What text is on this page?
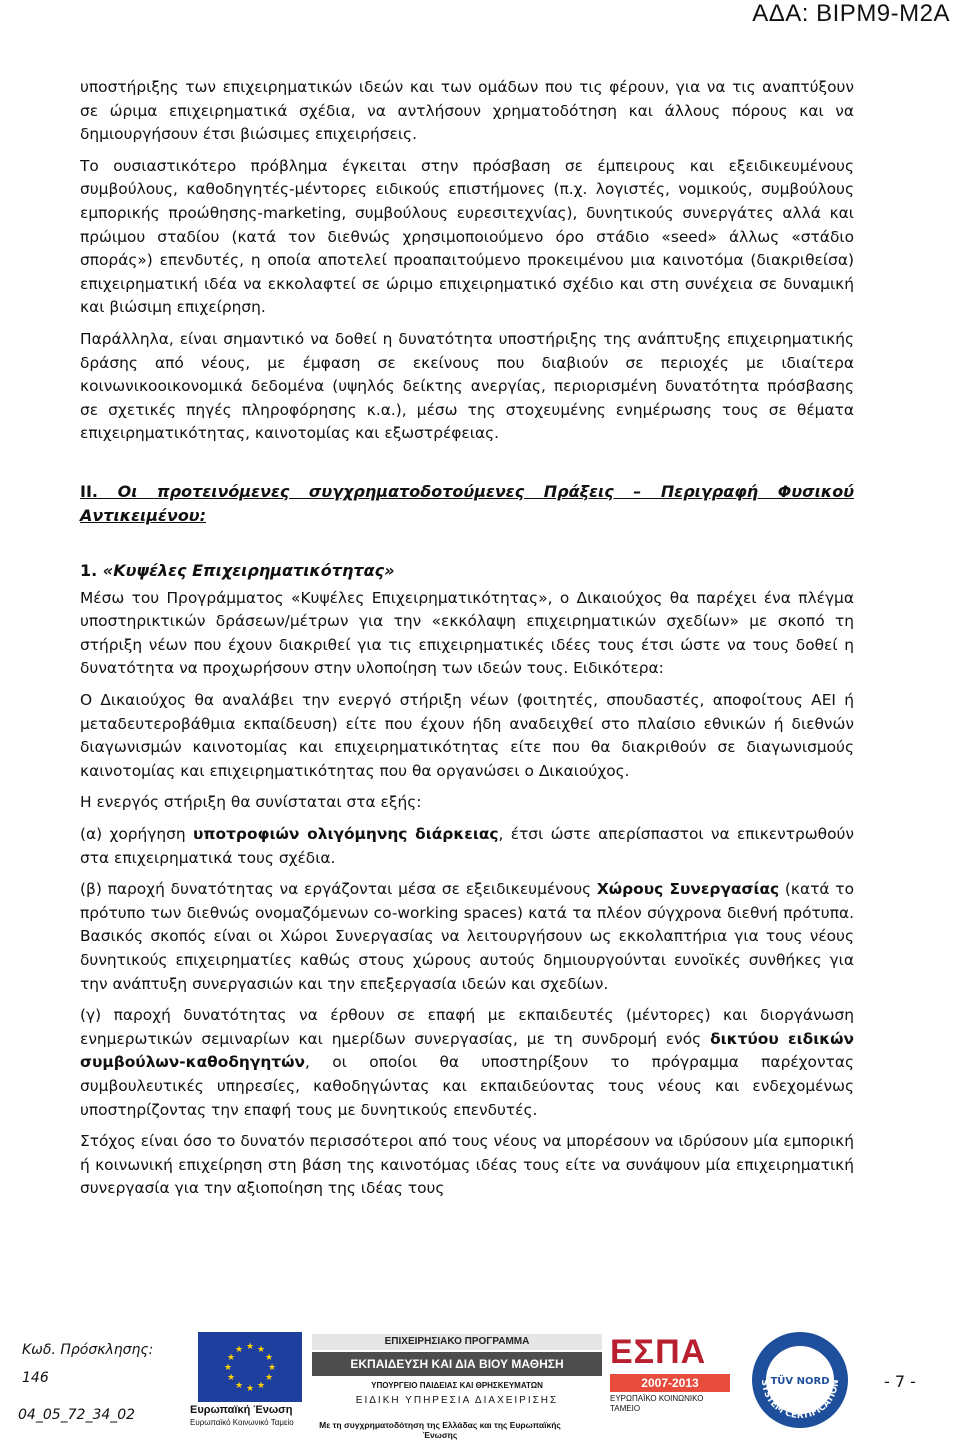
ΑΔΑ: ΒΙΡΜ9-Μ2Α

υποστήριξης των επιχειρηματικών ιδεών και των ομάδων που τις φέρουν, για να τις αναπτύξουν σε ώριμα επιχειρηματικά σχέδια, να αντλήσουν χρηματοδότηση και άλλους πόρους και να δημιουργήσουν έτσι βιώσιμες επιχειρήσεις.

Το ουσιαστικότερο πρόβλημα έγκειται στην πρόσβαση σε έμπειρους και εξειδικευμένους συμβούλους, καθοδηγητές-μέντορες ειδικούς επιστήμονες (π.χ. λογιστές, νομικούς, συμβούλους εμπορικής προώθησης-marketing, συμβούλους ευρεσιτεχνίας), δυνητικούς συνεργάτες αλλά και πρώιμου σταδίου (κατά τον διεθνώς χρησιμοποιούμενο όρο στάδιο «seed» άλλως «στάδιο σποράς») επενδυτές, η οποία αποτελεί προαπαιτούμενο προκειμένου μια καινοτόμα (διακριθείσα) επιχειρηματική ιδέα να εκκολαφτεί σε ώριμο επιχειρηματικό σχέδιο και στη συνέχεια σε δυναμική και βιώσιμη επιχείρηση.

Παράλληλα, είναι σημαντικό να δοθεί η δυνατότητα υποστήριξης της ανάπτυξης επιχειρηματικής δράσης από νέους, με έμφαση σε εκείνους που διαβιούν σε περιοχές με ιδιαίτερα κοινωνικοοικονομικά δεδομένα (υψηλός δείκτης ανεργίας, περιορισμένη δυνατότητα πρόσβασης σε σχετικές πηγές πληροφόρησης κ.α.), μέσω της στοχευμένης ενημέρωσης τους σε θέματα επιχειρηματικότητας, καινοτομίας και εξωστρέφειας.

ΙΙ. Οι προτεινόμενες συγχρηματοδοτούμενες Πράξεις – Περιγραφή Φυσικού Αντικειμένου:

1. «Κυψέλες Επιχειρηματικότητας»

Μέσω του Προγράμματος «Κυψέλες Επιχειρηματικότητας», ο Δικαιούχος θα παρέχει ένα πλέγμα υποστηρικτικών δράσεων/μέτρων για την «εκκόλαψη επιχειρηματικών σχεδίων» με σκοπό τη στήριξη νέων που έχουν διακριθεί για τις επιχειρηματικές ιδέες τους έτσι ώστε να τους δοθεί η δυνατότητα να προχωρήσουν στην υλοποίηση των ιδεών τους. Ειδικότερα:

Ο Δικαιούχος θα αναλάβει την ενεργό στήριξη νέων (φοιτητές, σπουδαστές, αποφοίτους ΑΕΙ ή μεταδευτεροβάθμια εκπαίδευση) είτε που έχουν ήδη αναδειχθεί στο πλαίσιο εθνικών ή διεθνών διαγωνισμών καινοτομίας και επιχειρηματικότητας είτε που θα διακριθούν σε διαγωνισμούς καινοτομίας και επιχειρηματικότητας που θα οργανώσει ο Δικαιούχος.

Η ενεργός στήριξη θα συνίσταται στα εξής:

(α) χορήγηση υποτροφιών ολιγόμηνης διάρκειας, έτσι ώστε απερίσπαστοι να επικεντρωθούν στα επιχειρηματικά τους σχέδια.

(β) παροχή δυνατότητας να εργάζονται μέσα σε εξειδικευμένους Χώρους Συνεργασίας (κατά το πρότυπο των διεθνώς ονομαζόμενων co-working spaces) κατά τα πλέον σύγχρονα διεθνή πρότυπα. Βασικός σκοπός είναι οι Χώροι Συνεργασίας να λειτουργήσουν ως εκκολαπτήρια για τους νέους δυνητικούς επιχειρηματίες καθώς στους χώρους αυτούς δημιουργούνται ευνοϊκές συνθήκες για την ανάπτυξη συνεργασιών και την επεξεργασία ιδεών και σχεδίων.

(γ) παροχή δυνατότητας να έρθουν σε επαφή με εκπαιδευτές (μέντορες) και διοργάνωση ενημερωτικών σεμιναρίων και ημερίδων συνεργασίας, με τη συνδρομή ενός δικτύου ειδικών συμβούλων-καθοδηγητών, οι οποίοι θα υποστηρίξουν το πρόγραμμα παρέχοντας συμβουλευτικές υπηρεσίες, καθοδηγώντας και εκπαιδεύοντας τους νέους και ενδεχομένως υποστηρίζοντας την επαφή τους με δυνητικούς επενδυτές.

Στόχος είναι όσο το δυνατόν περισσότεροι από τους νέους να μπορέσουν να ιδρύσουν μία εμπορική ή κοινωνική επιχείρηση στη βάση της καινοτόμας ιδέας τους είτε να συνάψουν μία επιχειρηματική συνεργασία για την αξιοποίηση της ιδέας τους

Κωδ. Πρόσκλησης:
146
04_05_72_34_02
★ ★
★
★
★
★
★
★
★
★
★
★
Ευρωπαϊκή Ένωση
Ευρωπαϊκό Κοινωνικό Ταμείο
ΕΠΙΧΕΙΡΗΣΙΑΚΟ ΠΡΟΓΡΑΜΜΑ
ΕΚΠΑΙΔΕΥΣΗ ΚΑΙ ΔΙΑ ΒΙΟΥ ΜΑΘΗΣΗ
ΥΠΟΥΡΓΕΙΟ ΠΑΙΔΕΙΑΣ ΚΑΙ ΘΡΗΣΚΕΥΜΑΤΩΝ
ΕΙΔΙΚΗ ΥΠΗΡΕΣΙΑ ΔΙΑΧΕΙΡΙΣΗΣ
ΕΣΠΑ
2007-2013
ΕΥΡΩΠΑΪΚΟ ΚΟΙΝΩΝΙΚΟ ΤΑΜΕΙΟ
Με τη συγχρηματοδότηση της Ελλάδας και της Ευρωπαϊκής Ένωσης
SYSTEM CERTIFICATION
ISO 9001
TÜV NORD	- 7 -
